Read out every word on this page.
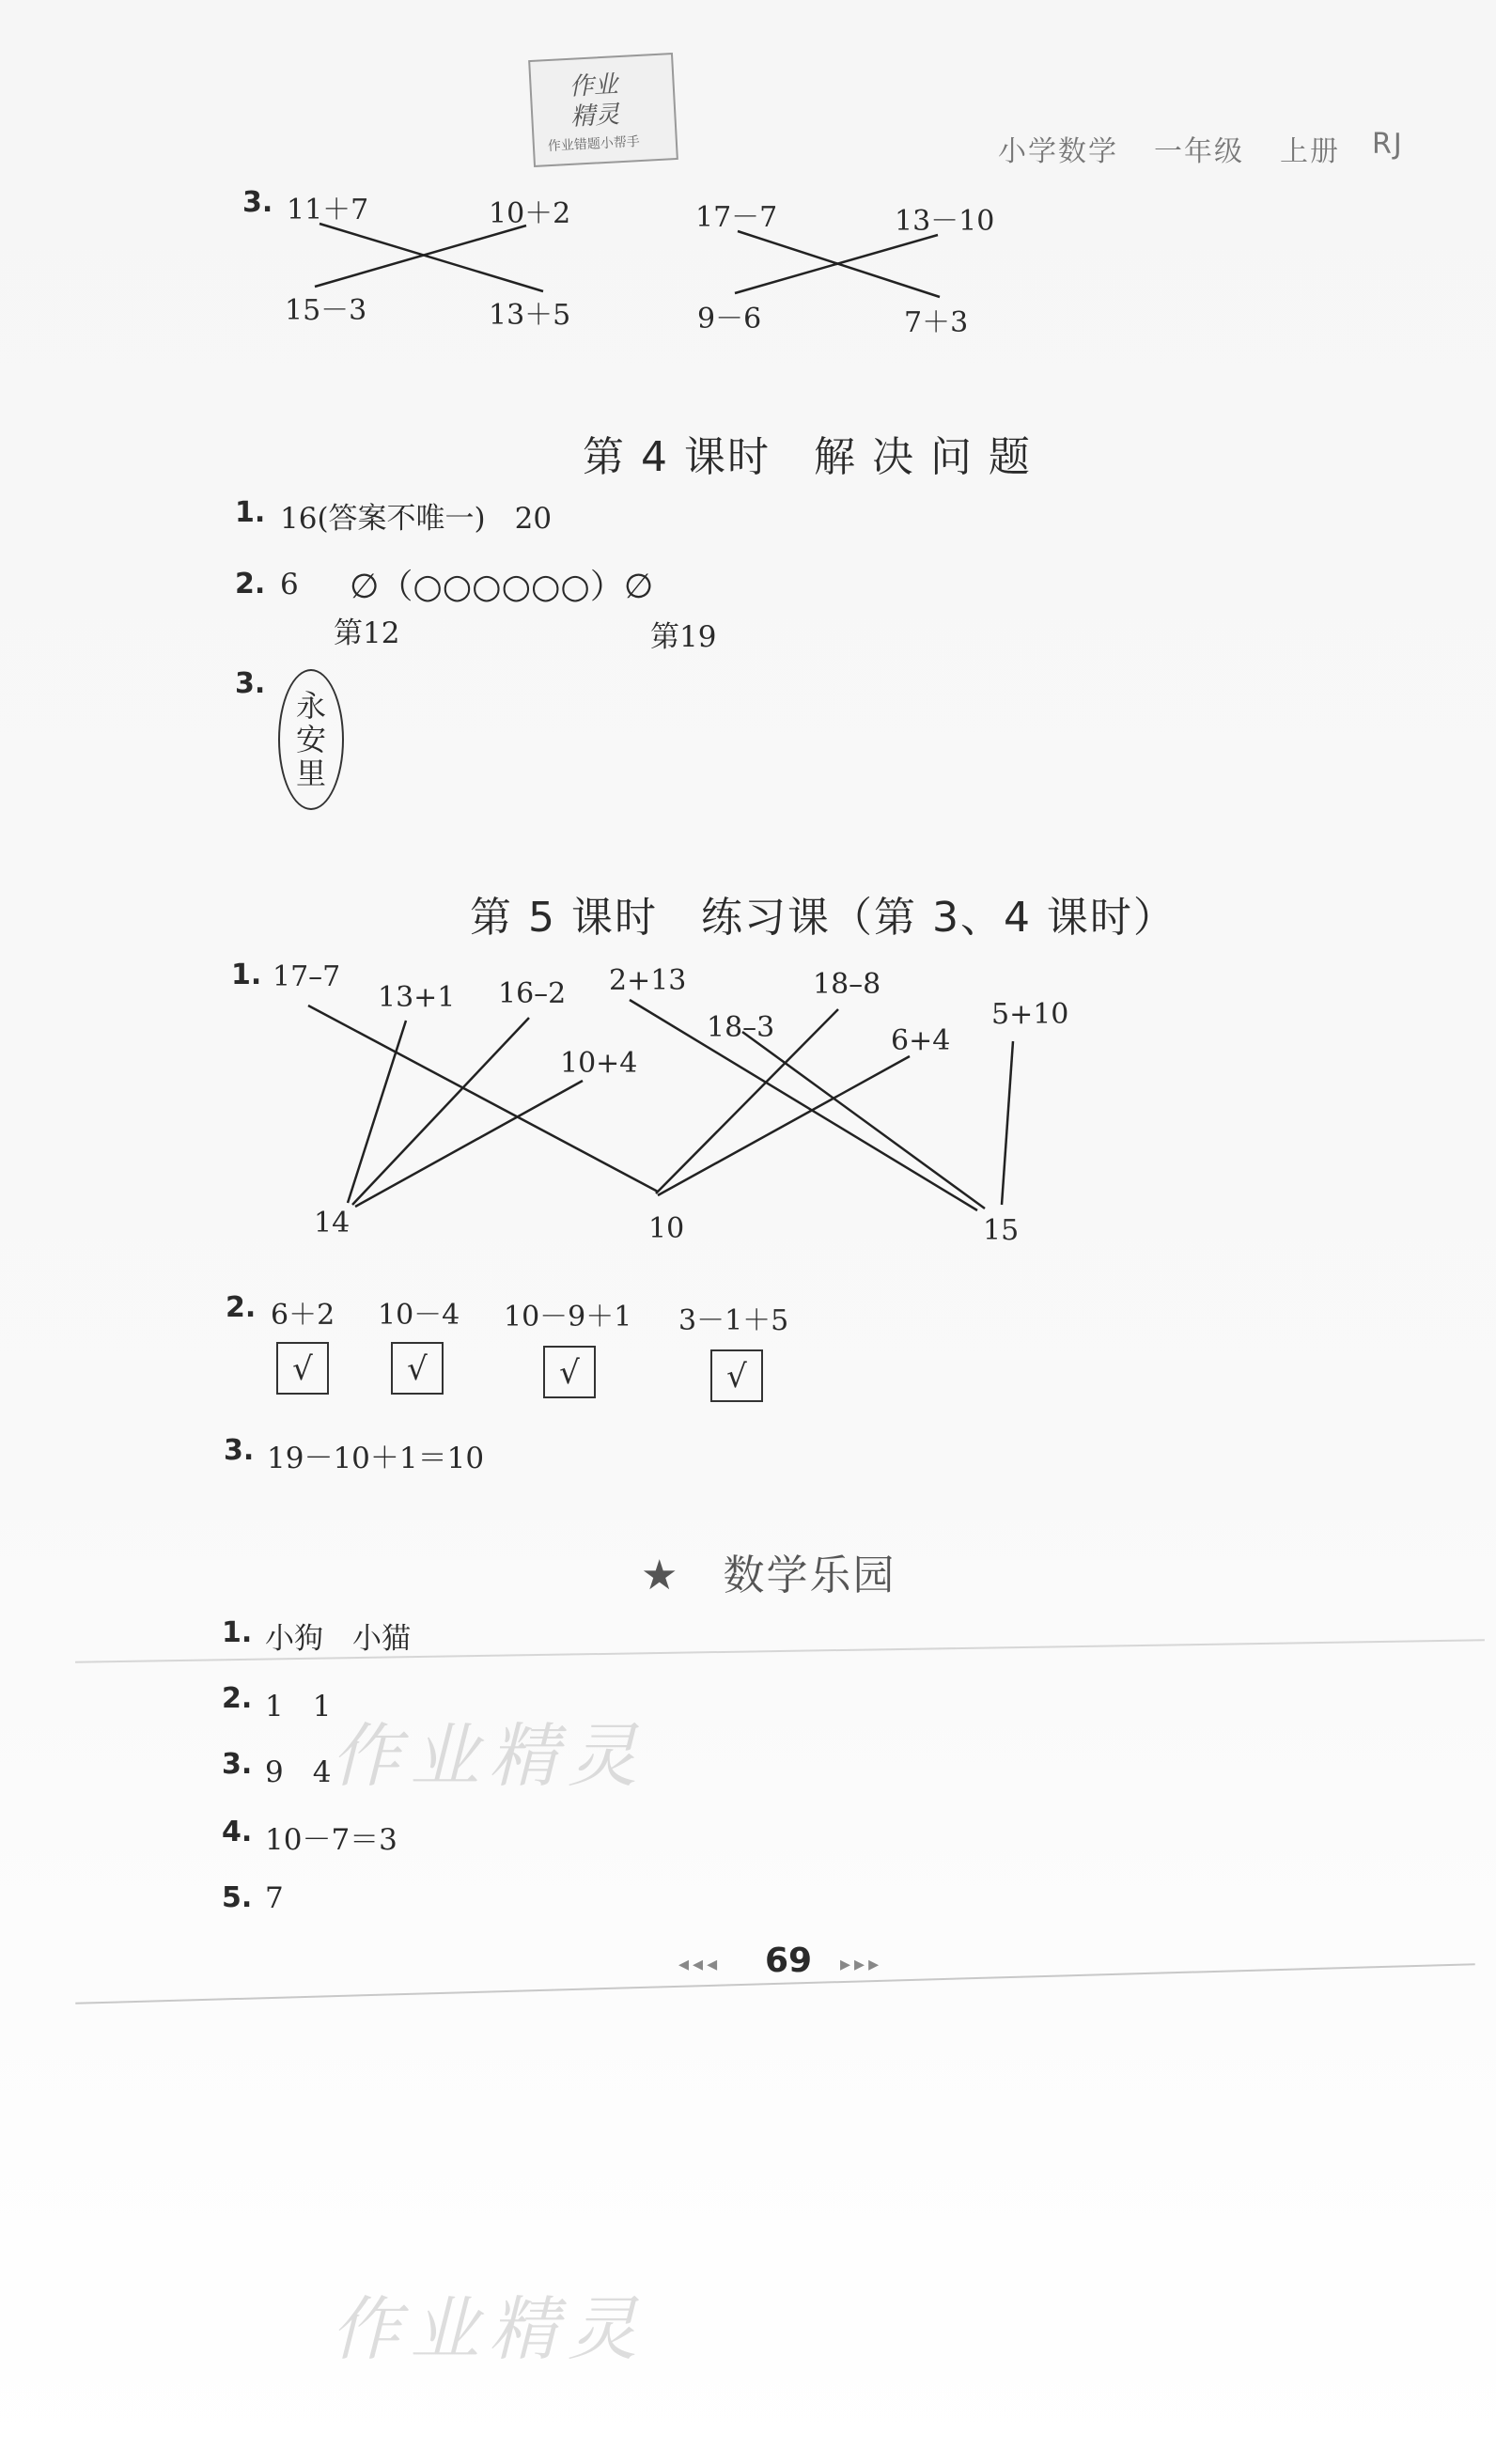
作业
精灵
作业错题小帮手	小学数学 一年级 上册 RJ
3. 11＋7	10＋2
15－3	13＋5
17－7	13－10
9－6	7＋3
第 4 课时　解 决 问 题
1. 16(答案不唯一)　20
2. 6 ∅（○○○○○○）∅
第12	第19
3.
永
安
里
第 5 课时　练习课（第 3、4 课时）
1. 17–7
13+1 16–2 2+13	18–8
5+10
18–3	6+4
10+4
14	10	15
2. 6＋2 10－4 10－9＋1 3－1＋5
√	√	√	√
3. 19－10＋1＝10
★　数学乐园
1. 小狗　小猫
2. 1　1
3. 9　4
4. 10－7＝3
5. 7
作业精灵
作业精灵
◂◂◂ 69 ▸▸▸
